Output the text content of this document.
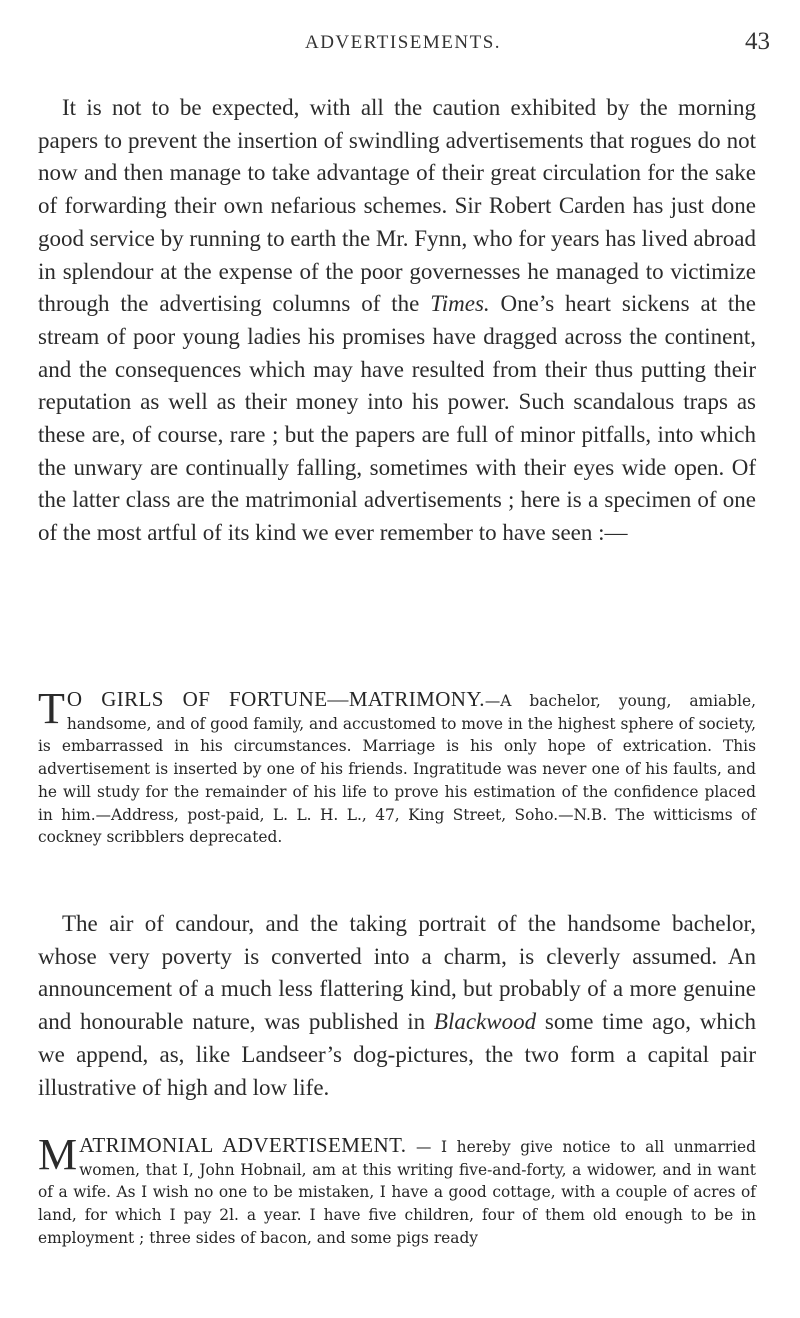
ADVERTISEMENTS.	43

It is not to be expected, with all the caution exhibited by the morning papers to prevent the insertion of swindling advertisements that rogues do not now and then manage to take advantage of their great circulation for the sake of forwarding their own nefarious schemes. Sir Robert Carden has just done good service by running to earth the Mr. Fynn, who for years has lived abroad in splendour at the expense of the poor governesses he managed to victimize through the advertising columns of the Times. One’s heart sickens at the stream of poor young ladies his promises have dragged across the continent, and the consequences which may have resulted from their thus putting their reputation as well as their money into his power. Such scandalous traps as these are, of course, rare ; but the papers are full of minor pitfalls, into which the unwary are continually falling, sometimes with their eyes wide open. Of the latter class are the matrimonial advertisements ; here is a specimen of one of the most artful of its kind we ever remember to have seen :—

T O GIRLS OF FORTUNE—MATRIMONY.—A bachelor, young, amiable, handsome, and of good family, and accustomed to move in the highest sphere of society, is embarrassed in his circumstances. Marriage is his only hope of extrication. This advertisement is inserted by one of his friends. Ingratitude was never one of his faults, and he will study for the remainder of his life to prove his estimation of the confidence placed in him.—Address, post-paid, L. L. H. L., 47, King Street, Soho.—N.B. The witticisms of cockney scribblers deprecated.

The air of candour, and the taking portrait of the handsome bachelor, whose very poverty is converted into a charm, is cleverly assumed. An announcement of a much less flattering kind, but probably of a more genuine and honourable nature, was published in Blackwood some time ago, which we append, as, like Landseer’s dog-pictures, the two form a capital pair illustrative of high and low life.

MATRIMONIAL ADVERTISEMENT. — I hereby give notice to all unmarried women, that I, John Hobnail, am at this writing five-and-forty, a widower, and in want of a wife. As I wish no one to be mistaken, I have a good cottage, with a couple of acres of land, for which I pay 2l. a year. I have five children, four of them old enough to be in employment ; three sides of bacon, and some pigs ready
